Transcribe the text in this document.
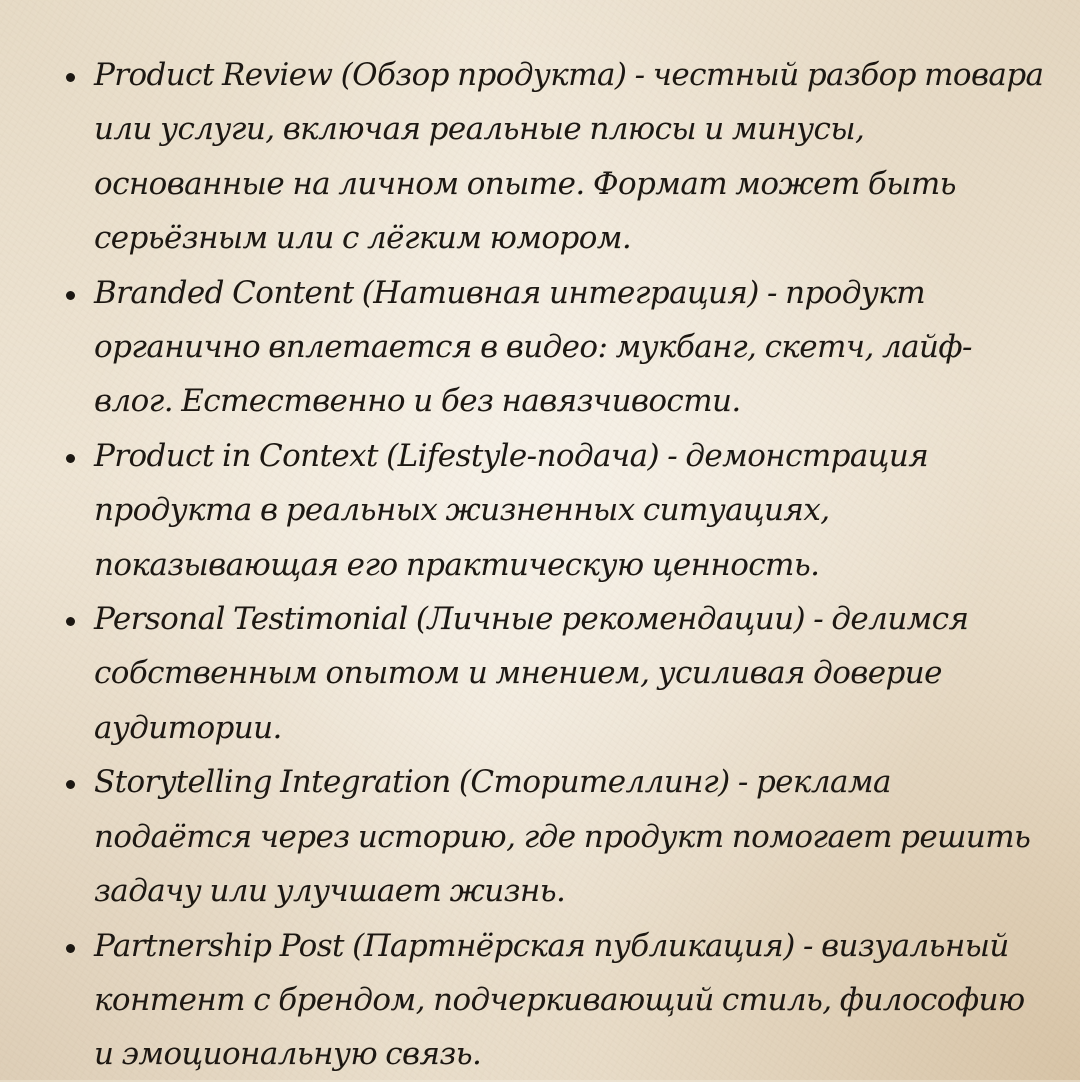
Product Review (Обзор продукта) - честный разбор товара или услуги, включая реальные плюсы и минусы, основанные на личном опыте. Формат может быть серьёзным или с лёгким юмором.
Branded Content (Нативная интеграция) - продукт органично вплетается в видео: мукбанг, скетч, лайф-влог. Естественно и без навязчивости.
Product in Context (Lifestyle-подача) - демонстрация продукта в реальных жизненных ситуациях, показывающая его практическую ценность.
Personal Testimonial (Личные рекомендации) - делимся собственным опытом и мнением, усиливая доверие аудитории.
Storytelling Integration (Сторителлинг) - реклама подаётся через историю, где продукт помогает решить задачу или улучшает жизнь.
Partnership Post (Партнёрская публикация) - визуальный контент с брендом, подчеркивающий стиль, философию и эмоциональную связь.
